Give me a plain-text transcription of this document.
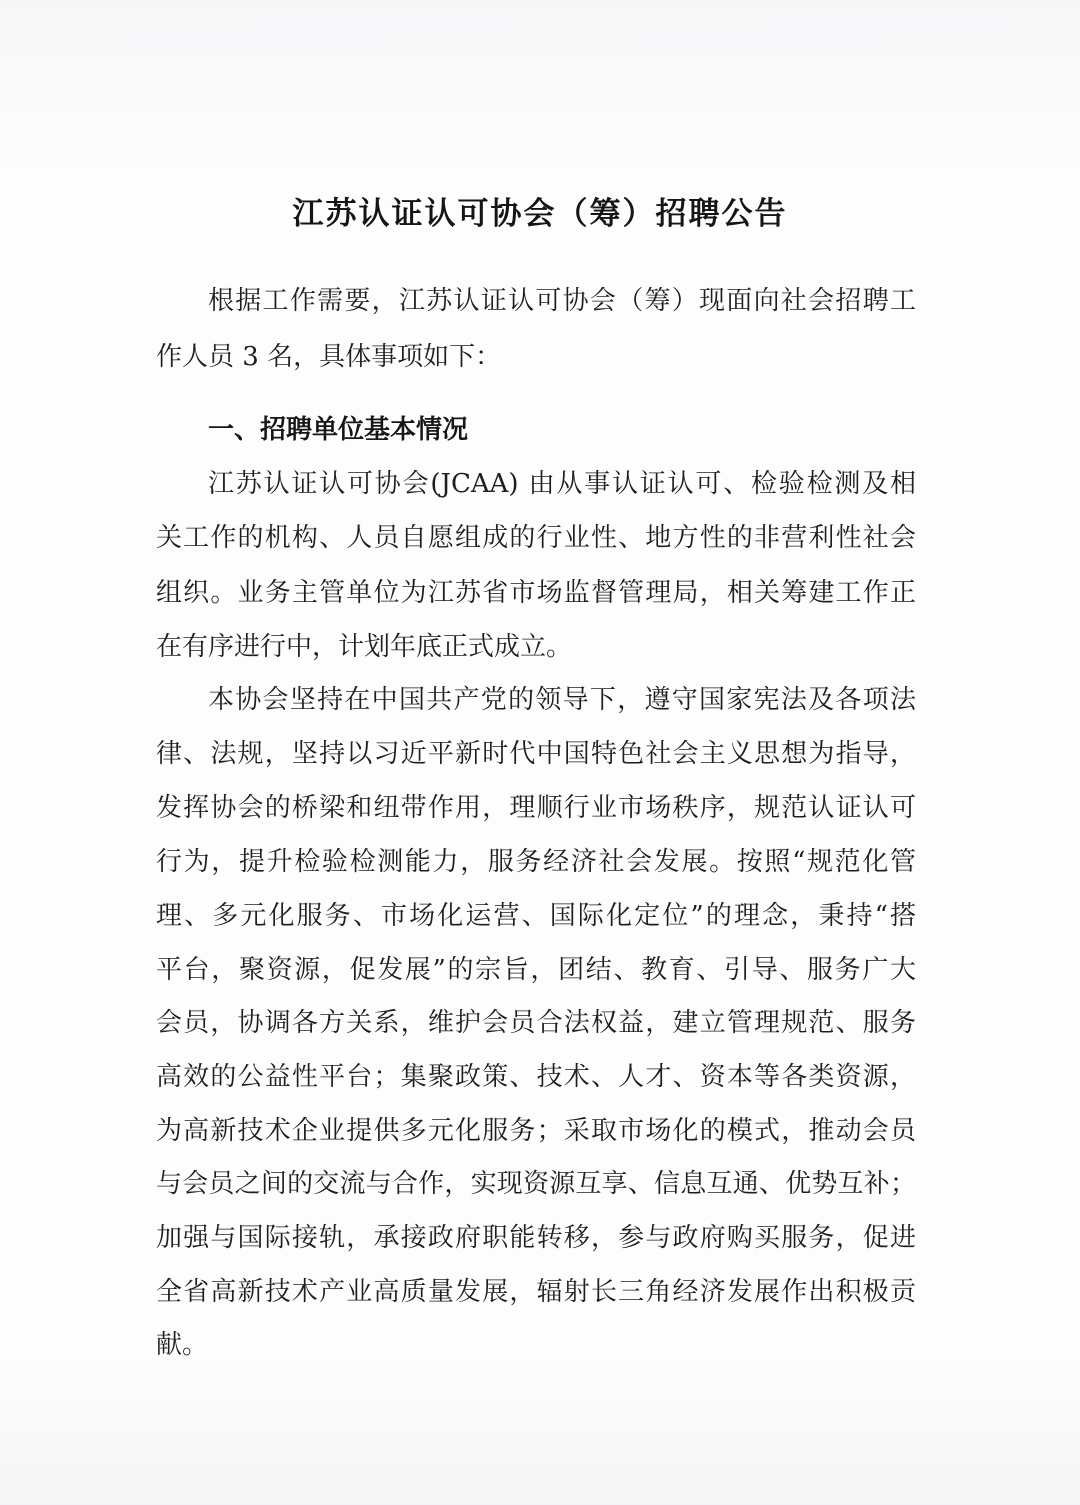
江苏认证认可协会（筹）招聘公告
根据工作需要，江苏认证认可协会（筹）现面向社会招聘工
作人员 3 名，具体事项如下：
一、招聘单位基本情况
江苏认证认可协会(JCAA) 由从事认证认可、检验检测及相
关工作的机构、人员自愿组成的行业性、地方性的非营利性社会
组织。业务主管单位为江苏省市场监督管理局，相关筹建工作正
在有序进行中，计划年底正式成立。
本协会坚持在中国共产党的领导下，遵守国家宪法及各项法
律、法规，坚持以习近平新时代中国特色社会主义思想为指导，
发挥协会的桥梁和纽带作用，理顺行业市场秩序，规范认证认可
行为，提升检验检测能力，服务经济社会发展。按照“规范化管
理、多元化服务、市场化运营、国际化定位”的理念，秉持“搭
平台，聚资源，促发展”的宗旨，团结、教育、引导、服务广大
会员，协调各方关系，维护会员合法权益，建立管理规范、服务
高效的公益性平台；集聚政策、技术、人才、资本等各类资源，
为高新技术企业提供多元化服务；采取市场化的模式，推动会员
与会员之间的交流与合作，实现资源互享、信息互通、优势互补；
加强与国际接轨，承接政府职能转移，参与政府购买服务，促进
全省高新技术产业高质量发展，辐射长三角经济发展作出积极贡
献。
